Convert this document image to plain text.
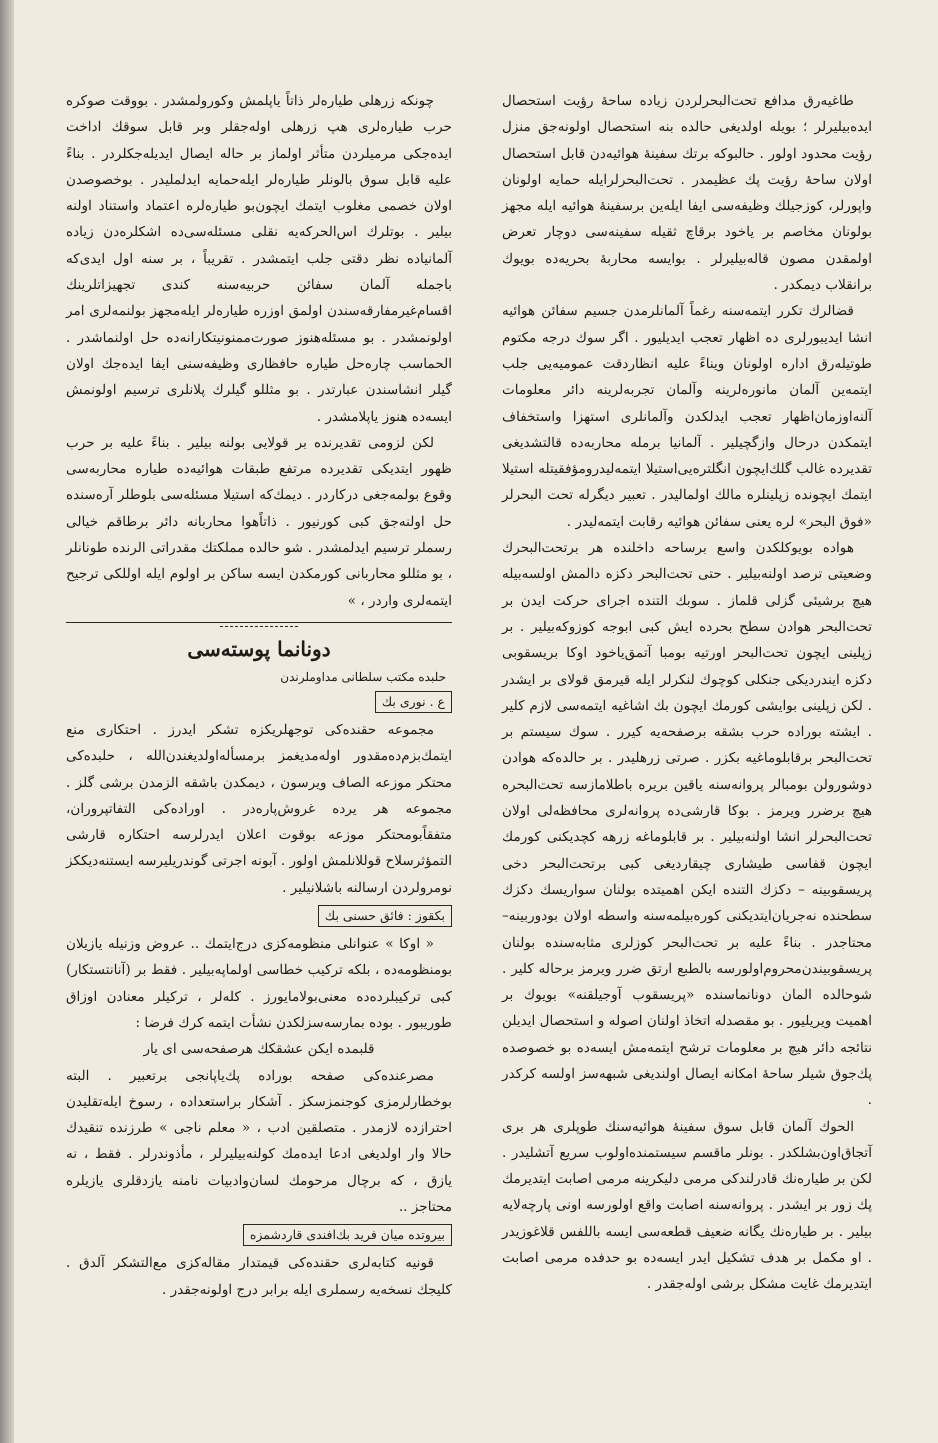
طاغیه‌رق مدافع تحت‌البحرلردن زیاده ساحهٔ رؤیت استحصال ایده‌بیلیرلر ؛ بویله اولدیغی حالده بنه استحصال اولونه‌جق منزل رؤیت محدود اولور . حالبوکه برتك سفینهٔ هوائیه‌دن قابل استحصال اولان ساحهٔ رؤیت پك عظیمدر . تحت‌البحرلرایله حمایه اولونان واپورلر، کوزجیلك وظیفه‌سی ایفا ایله‌ین برسفینهٔ هوائیه ایله مجهز بولونان مخاصم بر یاخود برقاچ ثقیله سفینه‌سی دوچار تعرض اولمقدن مصون قاله‌بیلیرلر . بوایسه محاربهٔ بحریه‌ده بویوك برانقلاب دیمکدر .

قضالرك تکرر ایتمه‌سنه رغماً آلمانلرمدن جسیم سفائن هوائیه انشا ایدیبورلری ده اظهار تعجب ایدیلیور . اگر سوك درجه مکتوم طوتیله‌رق اداره اولونان ویناءً علیه انظاردقت عمومیه‌یی جلب ایتمه‌ین آلمان مانوره‌لرینه وآلمان تجربه‌لرینه دائر معلومات آلنه‌اوزمان‌اظهار تعجب ایدلکدن وآلمانلری استهزا واستخفاف ایتمکدن درحال وازگچیلیر . آلمانیا برمله محاربه‌ده قالتشدیغی تقدیرده غالب گلك‌ایچون انگلتره‌یی‌استیلا ایتمه‌لیدرومؤفقیتله استیلا ایتمك ایچونده زپلینلره مالك اولمالیدر . تعبیر دیگرله تحت البحرلر «فوق البحر» لره یعنی سفائن هوائیه رقابت ایتمه‌لیدر .

هواده بویوکلکدن واسع برساحه داخلنده هر برتحت‌البحرك وضعیتی ترصد اولنه‌بیلیر . حتی تحت‌البحر دکزه دالمش اولسه‌بیله هیچ برشیئی گزلی قلماز . سوبك التنده اجرای حرکت ایدن بر تحت‌البحر هوادن سطح بحرده ایش کبی ابوجه کوزوکه‌بیلیر . بر زپلینی ایچون تحت‌البحر اورتیه بومبا آتمق‌یاخود اوکا بریسقوبی دکزه ایندردیکی جنکلی کوچوك لنکرلر ایله قیرمق قولای بر ایشدر . لکن زپلینی بوایشی کورمك ایچون بك اشاغیه ایتمه‌سی لازم کلیر . ایشته بورادە حرب بشقه برصفحه‌یه کیرر . سوك سیستم بر تحت‌البحر برقابلوماغیه بکزر . صرتی زرهلیدر . بر حالده‌که هوادن دوشورولن بومبالر پروانه‌سنه یاقین بریره باطلامازسه تحت‌البحره هیچ برضرر ویرمز . بوکا قارشی‌ده پروانه‌لری محافظه‌لی اولان تحت‌البحرلر انشا اولنه‌بیلیر . بر قابلوماغه زرهه کچدیکنی کورمك ایچون قفاسی طیشاری چیقاردیغی کبی برتحت‌البحر دخی پریسقوبینه – دکزك التنده ایکن اهمیتدە بولنان سواریسك دکزك سطحنده نه‌جریان‌ایتدیکنی کوره‌بیلمه‌سنه واسطه اولان بودوربینه– محتاجدر . بناءً علیه بر تحت‌البحر کوزلری مثابه‌سنده بولنان پریسقوبیندن‌محروم‌اولورسه بالطبع ارتق ضرر ویرمز برحاله کلیر . شوحالده المان دونانماسنده «پریسقوب آوجیلقنه» بویوك بر اهمیت ویریلیور . بو مقصدله اتخاذ اولنان اصوله و استحصال ایدیلن نتائجه دائر هیچ بر معلومات ترشح ایتمه‌مش ایسه‌ده بو خصوصده پك‌جوق شیلر ساحهٔ امکانه ایصال اولندیغی شبهه‌سز اولسه کرکدر .

الحوك آلمان قابل سوق سفینهٔ هوائیه‌سنك طوپلری هر بری آتجاق‌اون‌بشلکدر . بونلر ماقسم سیستمنده‌اولوب سریع آتشلیدر . لکن بر طیاره‌نك قادرلندکی مرمی دلیکرینه مرمی اصابت ایتدیرمك پك زور بر ایشدر . پروانه‌سنه اصابت واقع اولورسه اونی پارچه‌لایه بیلیر . بر طیاره‌نك یگانه ضعیف قطعه‌سی ایسه باللفس قلاغوزیدر . او مکمل بر هدف تشکیل ایدر ایسه‌ده بو حدفده مرمی اصابت ایتدیرمك غایت مشکل برشی اوله‌جقدر .

چونکه زرهلی طیاره‌لر ذاتاً یاپلمش وکورولمشدر . بووقت صوکره حرب طیاره‌لری هپ زرهلی اوله‌جقلر وبر قابل سوقك اداخت ایده‌جکی مرمیلردن متأثر اولماز بر حاله ایصال ایدیله‌جکلردر . بناءً علیه قابل سوق بالونلر طیاره‌لر ایله‌حمایه ایدلملیدر . بوخصوصدن اولان خصمی مغلوب ایتمك ایچون‌بو طیاره‌لره اعتماد واستناد اولنه بیلیر . بوتلرك اس‌الحرکه‌یه‌ نقلی مسئله‌سی‌ده اشکلره‌دن زیاده آلمانیاده نظر دقتی جلب ایتمشدر . تقریباً ، بر سنه اول ایدی‌که باجمله آلمان سفائن حربیه‌سنه کندی تجهیزاتلرینك اقسام‌غیرمفارقه‌سندن اولمق اوزره طیاره‌لر ایله‌مجهز بولنمه‌لری امر اولونمشدر . بو مسئله‌هنوز صورت‌ممنونیتکارانه‌ده حل اولنماشدر . الحماسب چاره‌حل طیاره حافظاری وظیفه‌سنی ایفا ایده‌جك اولان گیلر انشاسندن عبارتدر . بو مثللو گیلرك پلانلری ترسیم اولونمش ایسه‌ده هنوز یاپلامشدر .

لکن لزومی تقدیرنده بر قولایی بولنه بیلیر . بناءً علیه بر حرب ظهور ایتدیکی تقدیرده مرتفع طبقات هوائیه‌ده طیاره محاربه‌سی وقوع بولمه‌جغی درکاردر . دیمك‌که استیلا مسئله‌سی بلوطلر آره‌سنده حل اولنه‌جق کبی کورنیور . ذاتاً‌هوا محاربانه دائر برطاقم خیالی رسملر ترسیم ایدلمشدر . شو حالده مملکتك مقدراتی الرنده طونانلر ، بو مثللو محاربانی کورمکدن ایسه ساکن بر اولوم ایله اوللکی ترجیح ایتمه‌لری واردر ، »

دونانما پوسته‌سی
حلبده مکتب سلطانی مداوملرندن
ع . نوری بك

مجموعه حقنده‌کی توجهلریکزه تشکر ایدرز . احتکاری منع ایتمك‌بزم‌ده‌مقدور اوله‌مدیغمز برمسأله‌اولدیغندن‌الله ، حلبده‌کی محتکر موزعه الصاف ویرسون ، دیمکدن باشقه الزمدن برشی گلز . مجموعه هر یرده غروش‌پاره‌در . اوراده‌کی التفاتپروران، متفقاً‌بومحتکر موزعه بوقوت اعلان ایدرلرسه احتکاره قارشی التمؤثرسلاح قوللانلمش اولور . آبونه اجرتی گوندریلیرسه ایستنه‌دیککز نومرولردن ارسالنه باشلانیلیر .

بکقوز : فائق حسنی بك

« اوکا » عنوانلی منظومه‌کزی درج‌ایتمك .. عروض وزنیله یازیلان بومنظومه‌ده ، بلکه ترکیب خطاسی اولماپه‌بیلیر . فقط بر (آنانتستکار) کبی ترکیبلرده‌ده معنی‌بولامایورز . کله‌لر ، ترکیلر معنادن اوزاق طوریبور . بوده بمارسه‌سزلکدن نشأت ایتمه کرك فرضا :

قلبمده ایکن عشقکك هرصفحه‌سی ای یار

مصرعنده‌کی صفحه بوراده پك‌یاپانجی برتعبیر . البته بوخطارلرمزی کوجنمزسکز . آشکار براستعداده ، رسوخ ایله‌تقلیدن احترازده لازمدر . متصلقین ادب ، « معلم ناجی » طرزنده تنقیدك حالا وار اولدیغی ادعا ایده‌مك کولنه‌بیلیرلر ، مأذوندرلر . فقط ، نه یازق ، که برچال مرحومك لسان‌وادبیات نامنه یازدقلری یازیلره محتاجز ..

بیروتده میان فرید بك‌افندی قاردشمزه

قونیه کتابه‌لری حقنده‌کی قیمتدار مقاله‌کزی مع‌التشکر آلدق . کلیجك نسخه‌یه رسملری ایله برابر درج اولونه‌جقدر .
